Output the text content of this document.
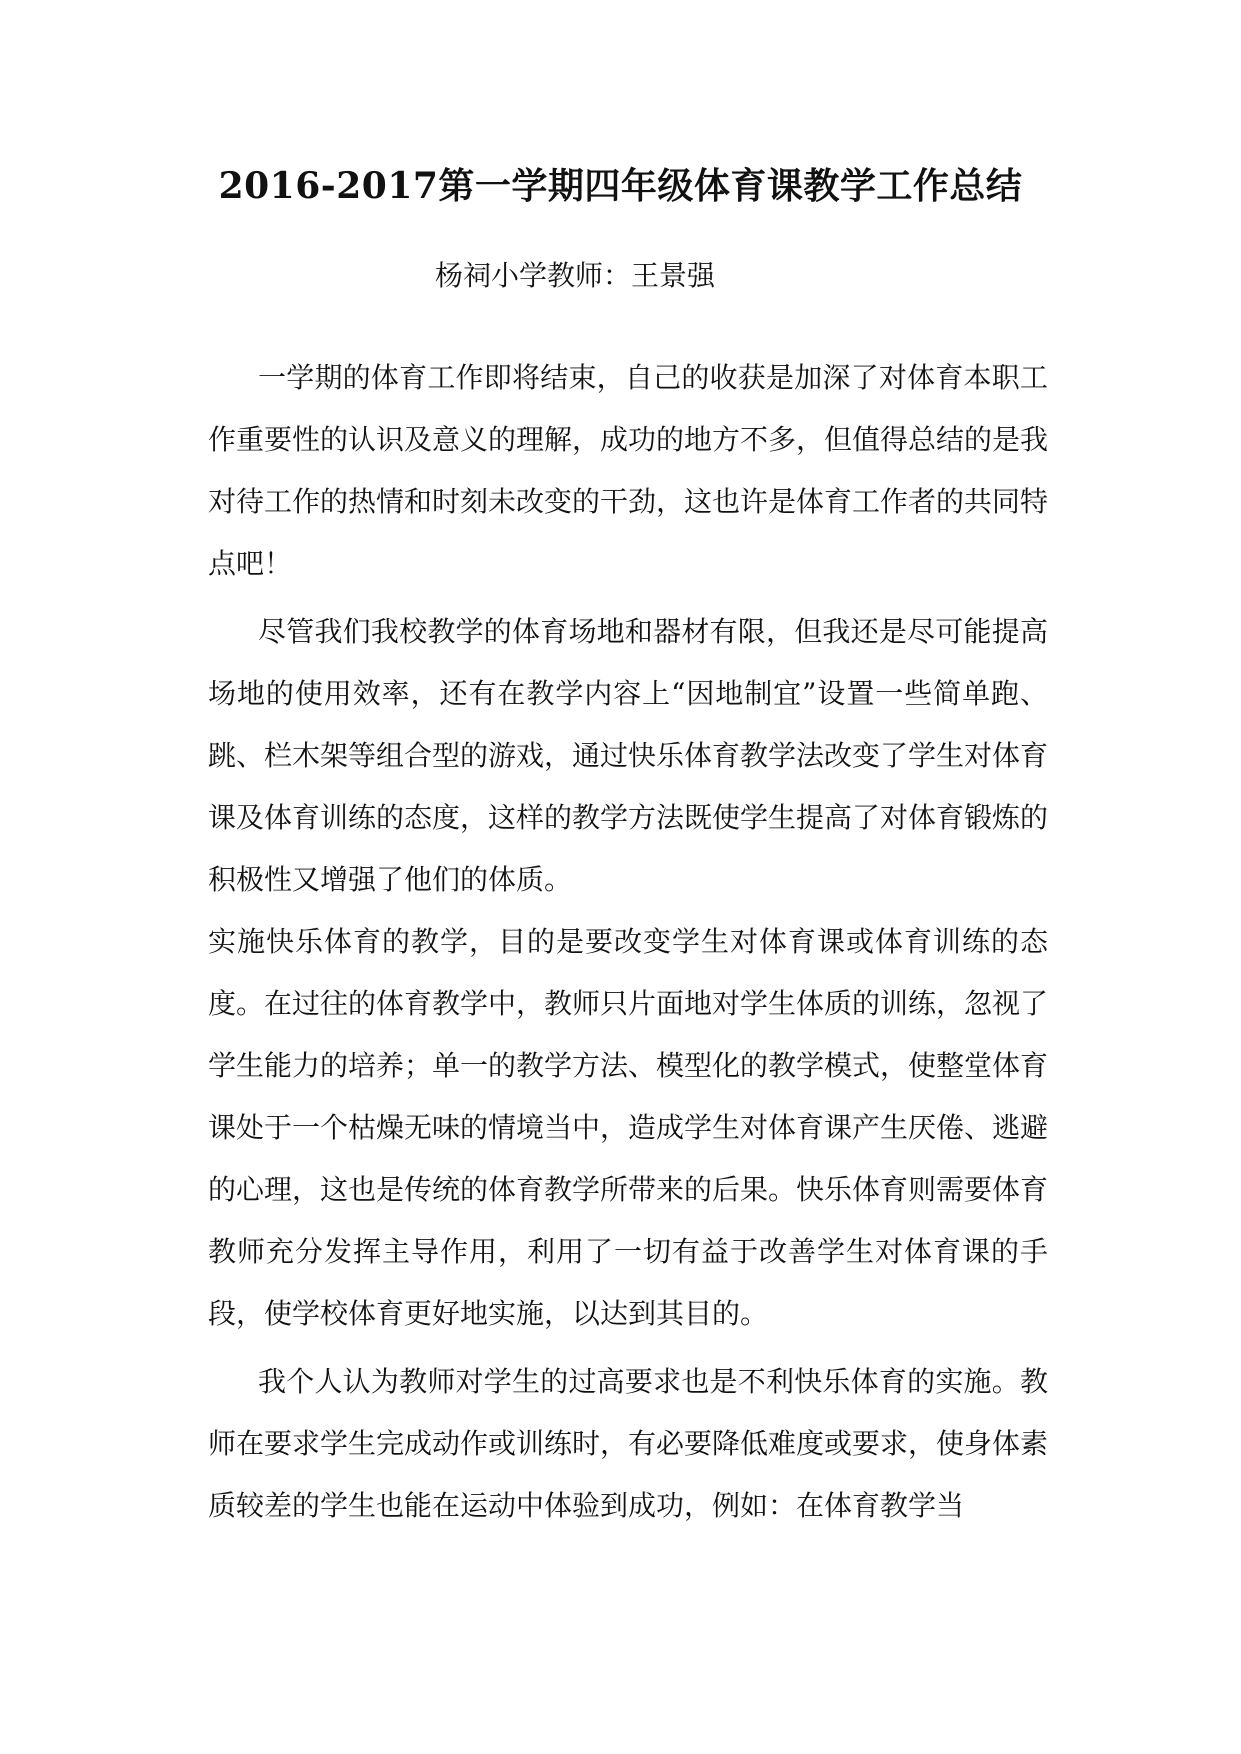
2016-2017第一学期四年级体育课教学工作总结
杨祠小学教师：王景强

一学期的体育工作即将结束，自己的收获是加深了对体育本职工作重要性的认识及意义的理解，成功的地方不多，但值得总结的是我对待工作的热情和时刻未改变的干劲，这也许是体育工作者的共同特点吧！

尽管我们我校教学的体育场地和器材有限，但我还是尽可能提高场地的使用效率，还有在教学内容上“因地制宜”设置一些简单跑、跳、栏木架等组合型的游戏，通过快乐体育教学法改变了学生对体育课及体育训练的态度，这样的教学方法既使学生提高了对体育锻炼的积极性又增强了他们的体质。

实施快乐体育的教学，目的是要改变学生对体育课或体育训练的态度。在过往的体育教学中，教师只片面地对学生体质的训练，忽视了学生能力的培养；单一的教学方法、模型化的教学模式，使整堂体育课处于一个枯燥无味的情境当中，造成学生对体育课产生厌倦、逃避的心理，这也是传统的体育教学所带来的后果。快乐体育则需要体育教师充分发挥主导作用，利用了一切有益于改善学生对体育课的手段，使学校体育更好地实施，以达到其目的。

我个人认为教师对学生的过高要求也是不利快乐体育的实施。教师在要求学生完成动作或训练时，有必要降低难度或要求，使身体素质较差的学生也能在运动中体验到成功，例如：在体育教学当
